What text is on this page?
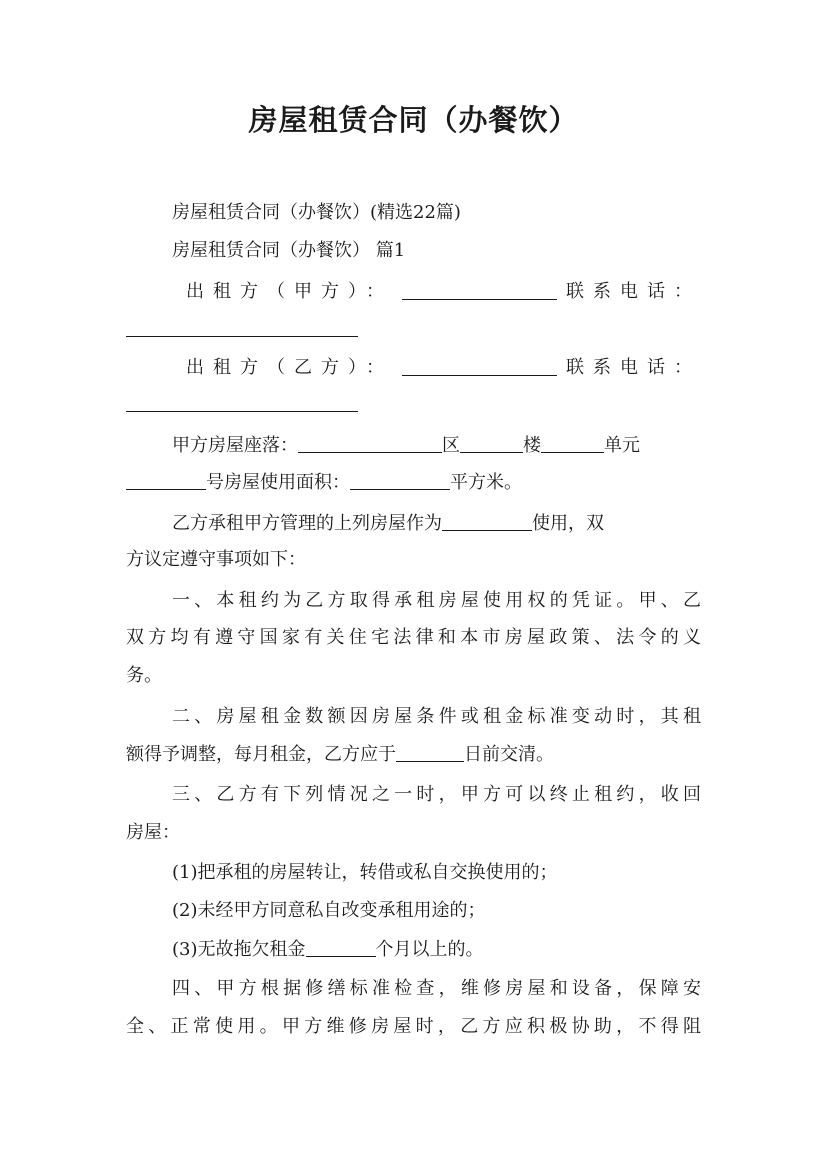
房屋租赁合同（办餐饮）
房屋租赁合同（办餐饮）(精选22篇)
房屋租赁合同（办餐饮） 篇1
出租方（甲方）：	联系电话：
出租方（乙方）：	联系电话：
甲方房屋座落：	区	楼	单元
号房屋使用面积：	平方米。
乙方承租甲方管理的上列房屋作为	使用，双
方议定遵守事项如下：
一、本租约为乙方取得承租房屋使用权的凭证。甲、乙
双方均有遵守国家有关住宅法律和本市房屋政策、法令的义
务。
二、房屋租金数额因房屋条件或租金标准变动时，其租
额得予调整，每月租金，乙方应于	日前交清。
三、乙方有下列情况之一时，甲方可以终止租约，收回
房屋：
(1)把承租的房屋转让，转借或私自交换使用的；
(2)未经甲方同意私自改变承租用途的；
(3)无故拖欠租金	个月以上的。
四、甲方根据修缮标准检查，维修房屋和设备，保障安
全、正常使用。甲方维修房屋时，乙方应积极协助，不得阻
